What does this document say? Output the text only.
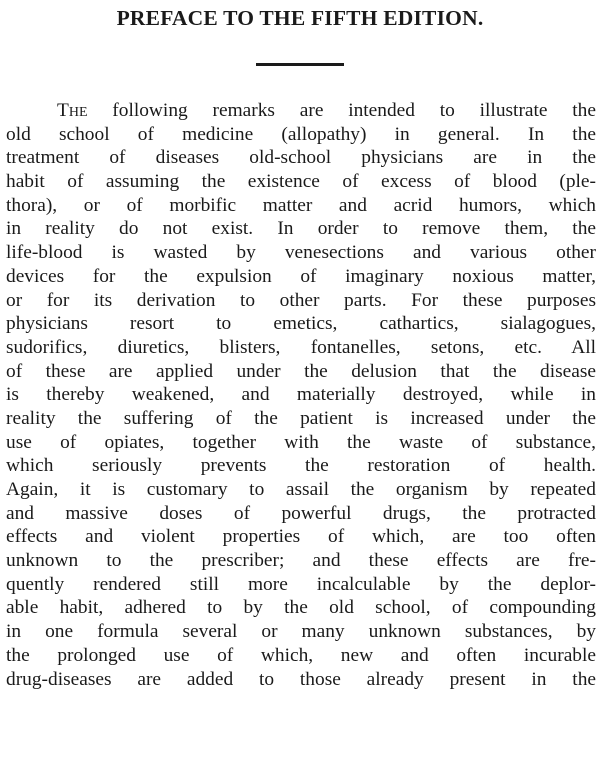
PREFACE TO THE FIFTH EDITION.
The following remarks are intended to illustrate the
old school of medicine (allopathy) in general. In the
treatment of diseases old-school physicians are in the
habit of assuming the existence of excess of blood (ple-
thora), or of morbific matter and acrid humors, which
in reality do not exist. In order to remove them, the
life-blood is wasted by venesections and various other
devices for the expulsion of imaginary noxious matter,
or for its derivation to other parts. For these purposes
physicians resort to emetics, cathartics, sialagogues,
sudorifics, diuretics, blisters, fontanelles, setons, etc. All
of these are applied under the delusion that the disease
is thereby weakened, and materially destroyed, while in
reality the suffering of the patient is increased under the
use of opiates, together with the waste of substance,
which seriously prevents the restoration of health.
Again, it is customary to assail the organism by repeated
and massive doses of powerful drugs, the protracted
effects and violent properties of which, are too often
unknown to the prescriber; and these effects are fre-
quently rendered still more incalculable by the deplor-
able habit, adhered to by the old school, of compounding
in one formula several or many unknown substances, by
the prolonged use of which, new and often incurable
drug-diseases are added to those already present in the
